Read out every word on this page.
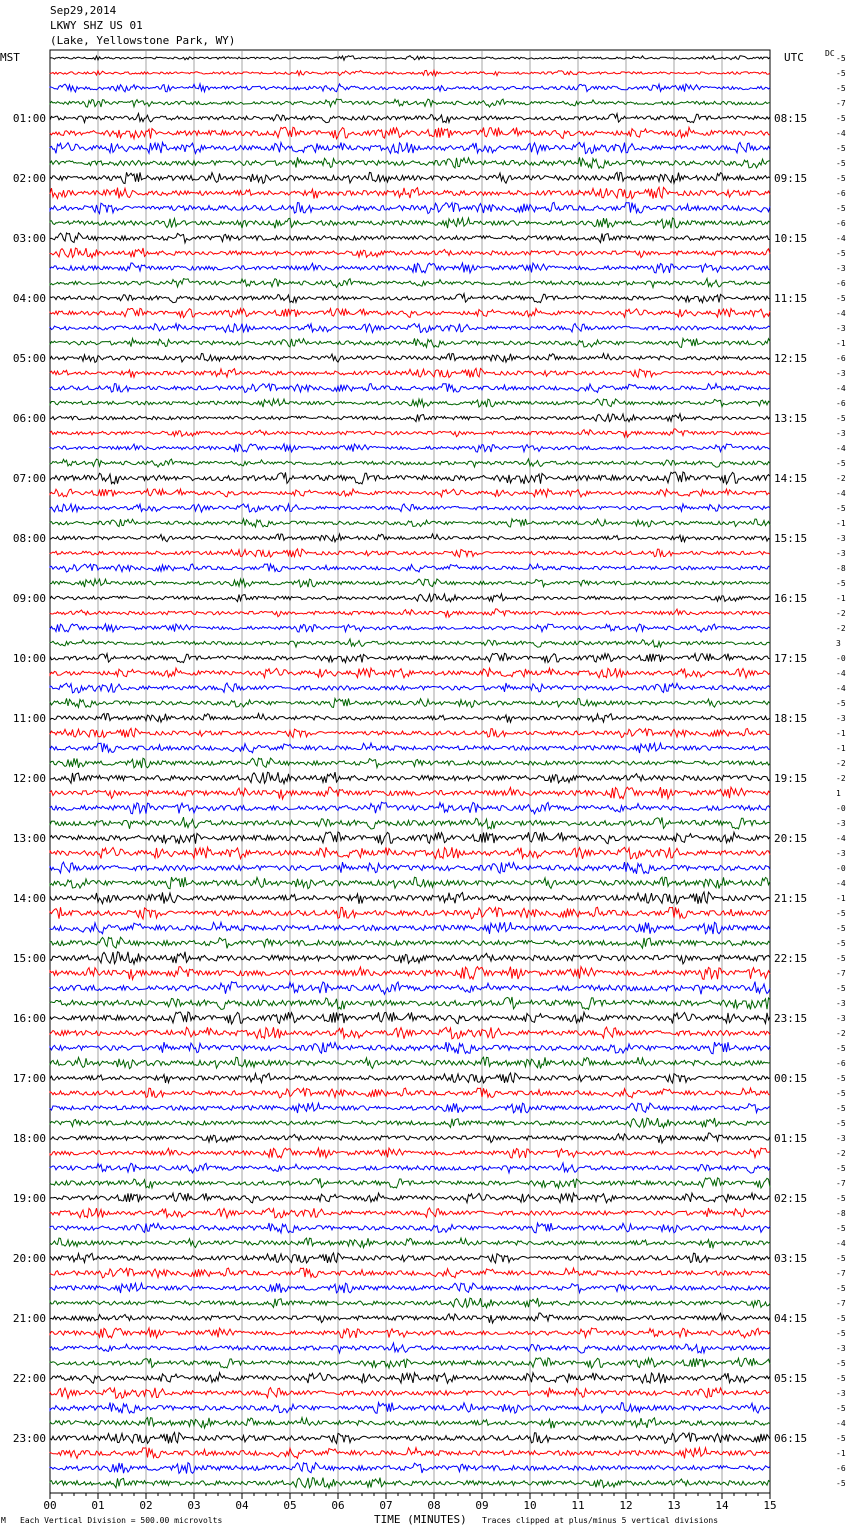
Sep29,2014
LKWY SHZ US 01
(Lake, Yellowstone Park, WY)
01:00	08:15
02:00	09:15
03:00	10:15
04:00	11:15
05:00	12:15
06:00	13:15
07:00	14:15
08:00	15:15
09:00	16:15
10:00	17:15
11:00	18:15
12:00	19:15
13:00	20:15
14:00	21:15
15:00	22:15
16:00	23:15
17:00	00:15
18:00	01:15
19:00	02:15
20:00	03:15
21:00	04:15
22:00	05:15
23:00	06:15
MST	UTC	DC
-5
-5
-5
-7
-5
-4
-5
-5
-5
-6
-5
-6
-4
-5
-3
-6
-5
-4
-3
-1
-6
-3
-4
-6
-5
-3
-4
-5
-2
-4
-5
-1
-3
-3
-8
-5
-1
-2
-2
3
-0
-4
-4
-5
-3
-1
-1
-2
-2
1
-0
-3
-4
-3
-0
-4
-1
-5
-5
-5
-5
-7
-5
-3
-3
-2
-5
-6
-5
-5
-5
-5
-3
-2
-5
-7
-5
-8
-5
-4
-5
-7
-5
-7
-5
-5
-3
-5
-5
-3
-5
-4
-5
-1
-6
-5
00	01	02	03	04	05	06	07	08	09	10	11	12	13	14	15
M Each Vertical Division = 500.00 microvolts	TIME (MINUTES) Traces clipped at plus/minus 5 vertical divisions
